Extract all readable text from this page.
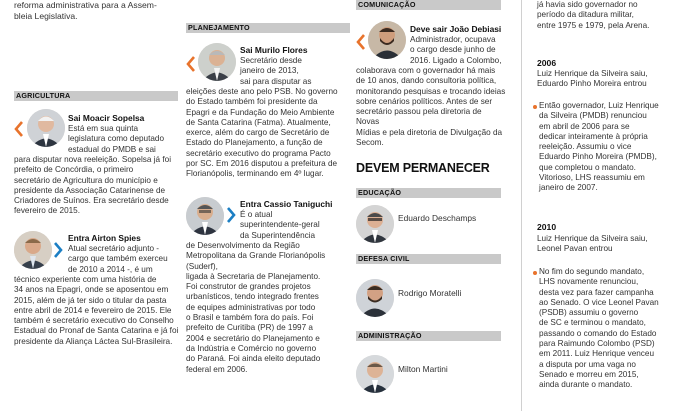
reforma administrativa para a Assem-
bleia Legislativa.
AGRICULTURA
Sai Moacir Sopelsa
Está em sua quinta
legislatura como deputado
estadual do PMDB e sai
para disputar nova reeleição. Sopelsa já foi
prefeito de Concórdia, o primeiro
secretário de Agricultura do município e
presidente da Associação Catarinense de
Criadores de Suínos. Era secretário desde
fevereiro de 2015.
Entra Airton Spies
Atual secretário adjunto -
cargo que também exerceu
de 2010 a 2014 -, é um
técnico experiente com uma história de
34 anos na Epagri, onde se aposentou em
2015, além de já ter sido o titular da pasta
entre abril de 2014 e fevereiro de 2015. Ele
também é secretário executivo do Conselho
Estadual do Pronaf de Santa Catarina e já foi
presidente da Aliança Láctea Sul-Brasileira.
PLANEJAMENTO
Sai Murilo Flores
Secretário desde
janeiro de 2013,
sai para disputar as
eleições deste ano pelo PSB. No governo
do Estado também foi presidente da
Epagri e da Fundação do Meio Ambiente
de Santa Catarina (Fatma). Atualmente,
exerce, além do cargo de Secretário de
Estado do Planejamento, a função de
secretário executivo do programa Pacto
por SC. Em 2016 disputou a prefeitura de
Florianópolis, terminando em 4º lugar.
Entra Cassio Taniguchi
É o atual
superintendente-geral
da Superintendência
de Desenvolvimento da Região
Metropolitana da Grande Florianópolis (Suderf),
ligada à Secretaria de Planejamento.
Foi construtor de grandes projetos
urbanísticos, tendo integrado frentes
de equipes administrativas por todo
o Brasil e também fora do país. Foi
prefeito de Curitiba (PR) de 1997 a
2004 e secretário do Planejamento e
da Indústria e Comércio no governo
do Paraná. Foi ainda eleito deputado
federal em 2006.
COMUNICAÇÃO
Deve sair João Debiasi
Administrador, ocupava
o cargo desde junho de
2016. Ligado a Colombo,
colaborava com o governador há mais
de 10 anos, dando consultoria política,
monitorando pesquisas e trocando ideias
sobre cenários políticos. Antes de ser
secretário passou pela diretoria de Novas
Mídias e pela diretoria de Divulgação da
Secom.
DEVEM PERMANECER
EDUCAÇÃO
Eduardo Deschamps
DEFESA CIVIL
Rodrigo Moratelli
ADMINISTRAÇÃO
Milton Martini
já havia sido governador no
período da ditadura militar,
entre 1975 e 1979, pela Arena.
2006
Luiz Henrique da Silveira saiu,
Eduardo Pinho Moreira entrou
Então governador, Luiz Henrique
da Silveira (PMDB) renunciou
em abril de 2006 para se
dedicar inteiramente à própria
reeleição. Assumiu o vice
Eduardo Pinho Moreira (PMDB),
que completou o mandato.
Vitorioso, LHS reassumiu em
janeiro de 2007.
2010
Luiz Henrique da Silveira saiu,
Leonel Pavan entrou
No fim do segundo mandato,
LHS novamente renunciou,
desta vez para fazer campanha
ao Senado. O vice Leonel Pavan
(PSDB) assumiu o governo
de SC e terminou o mandato,
passando o comando do Estado
para Raimundo Colombo (PSD)
em 2011. Luiz Henrique venceu
a disputa por uma vaga no
Senado e morreu em 2015,
ainda durante o mandato.
